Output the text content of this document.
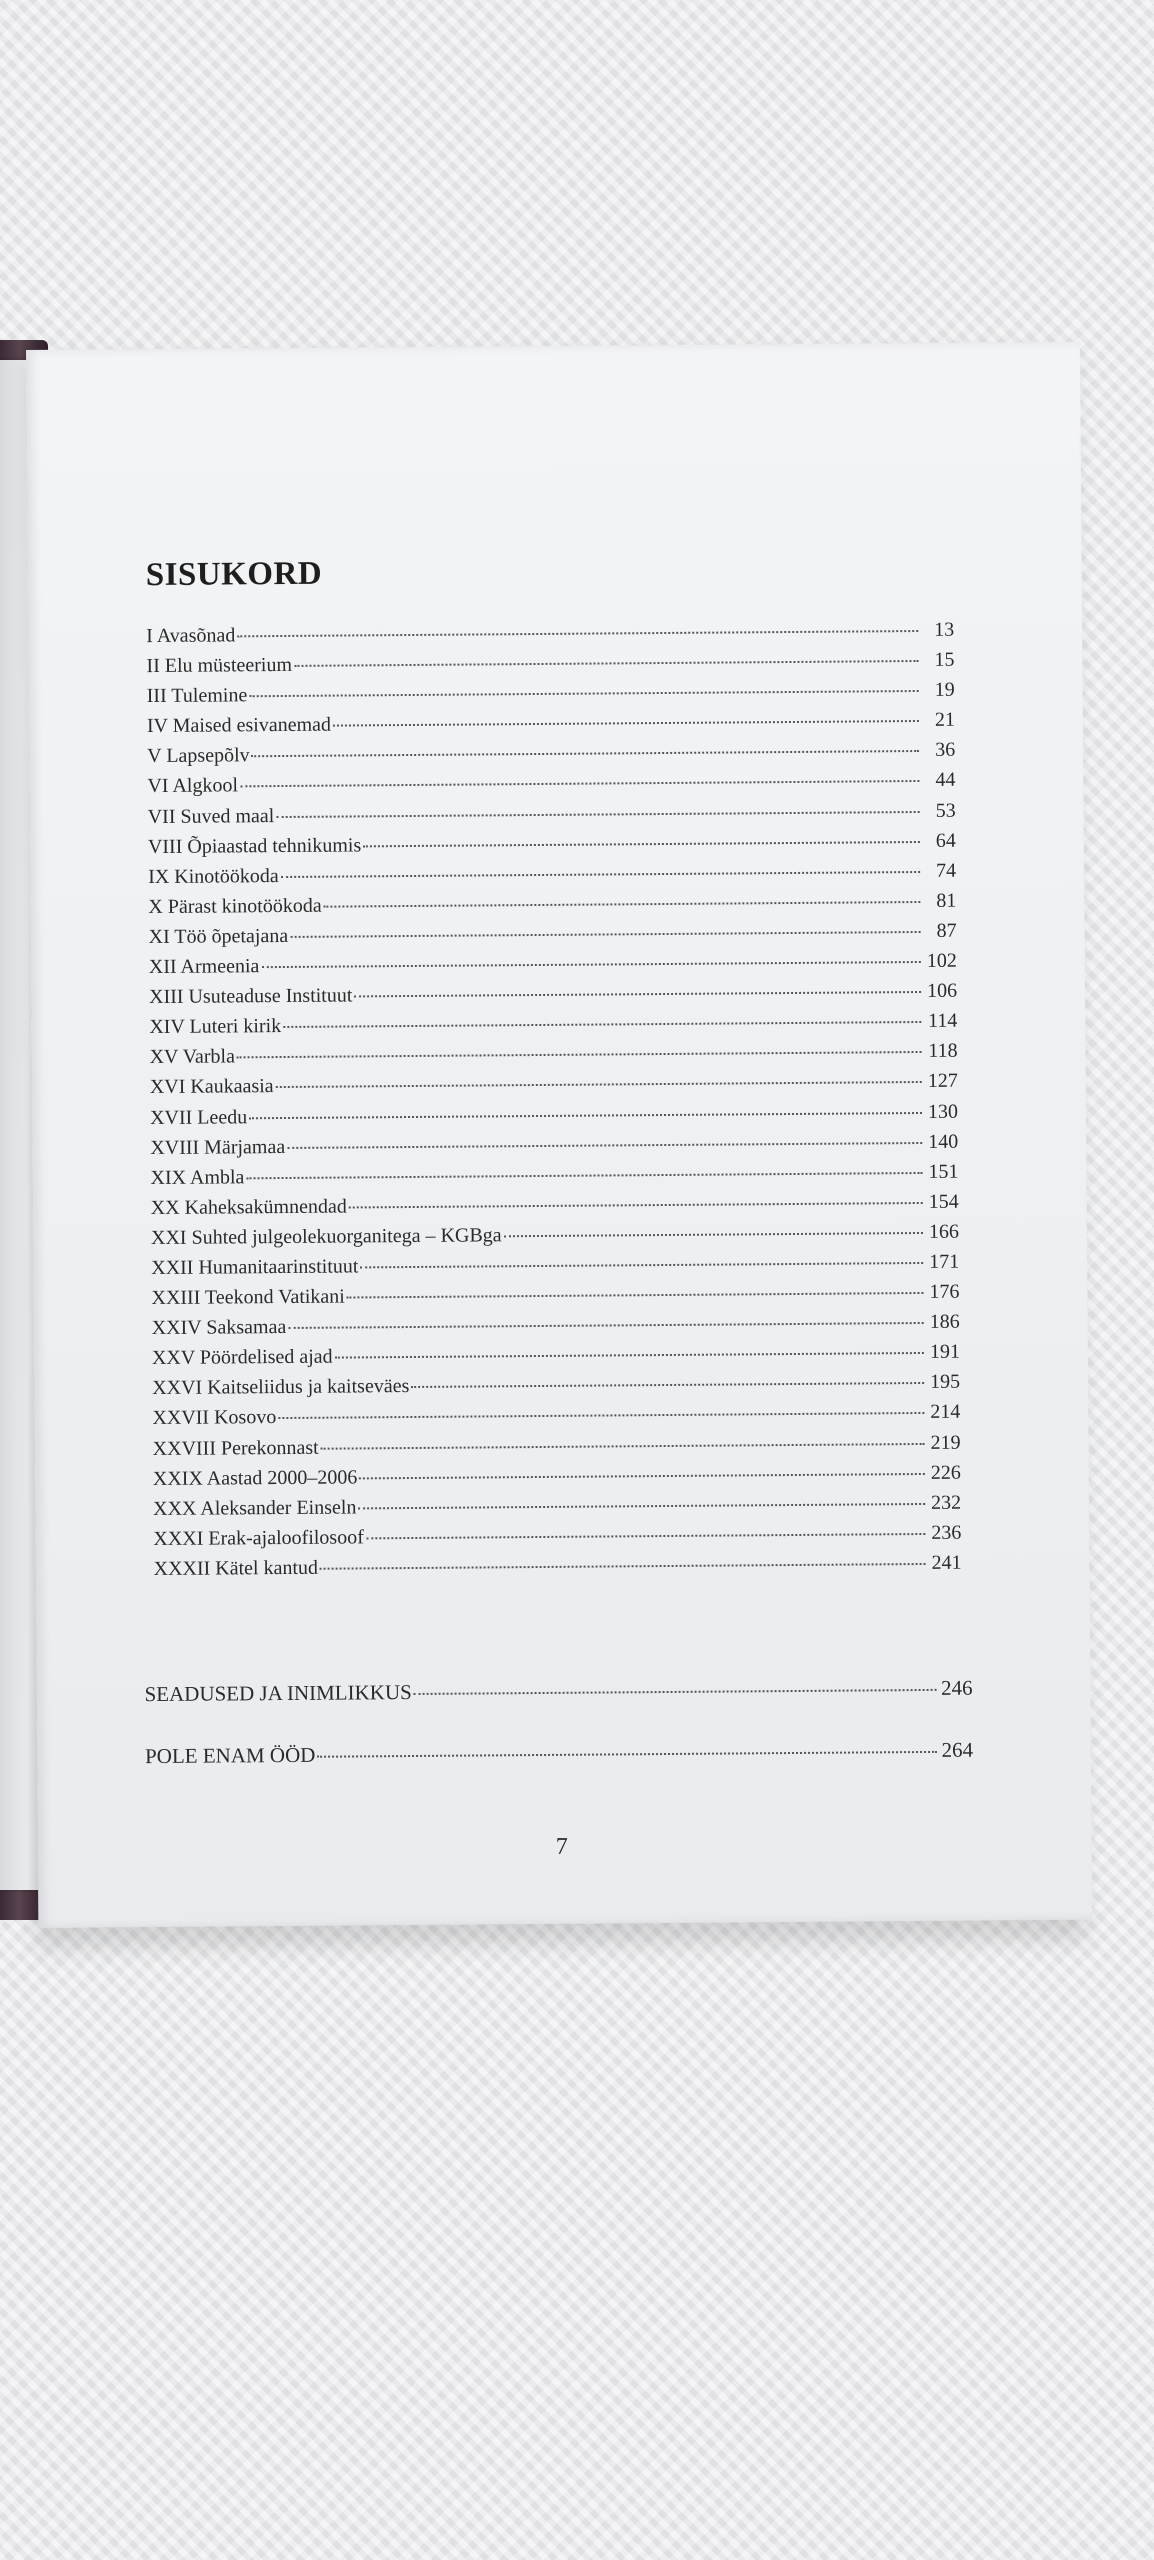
SISUKORD
I Avasõnad	13
II Elu müsteerium	15
III Tulemine	19
IV Maised esivanemad	21
V Lapsepõlv	36
VI Algkool	44
VII Suved maal	53
VIII Õpiaastad tehnikumis	64
IX Kinotöökoda	74
X Pärast kinotöökoda	81
XI Töö õpetajana	87
XII Armeenia	102
XIII Usuteaduse Instituut	106
XIV Luteri kirik	114
XV Varbla	118
XVI Kaukaasia	127
XVII Leedu	130
XVIII Märjamaa	140
XIX Ambla	151
XX Kaheksakümnendad	154
XXI Suhted julgeolekuorganitega – KGBga	166
XXII Humanitaarinstituut	171
XXIII Teekond Vatikani	176
XXIV Saksamaa	186
XXV Pöördelised ajad	191
XXVI Kaitseliidus ja kaitseväes	195
XXVII Kosovo	214
XXVIII Perekonnast	219
XXIX Aastad 2000–2006	226
XXX Aleksander Einseln	232
XXXI Erak-ajaloofilosoof	236
XXXII Kätel kantud	241
SEADUSED JA INIMLIKKUS	246
POLE ENAM ÖÖD	264
7
